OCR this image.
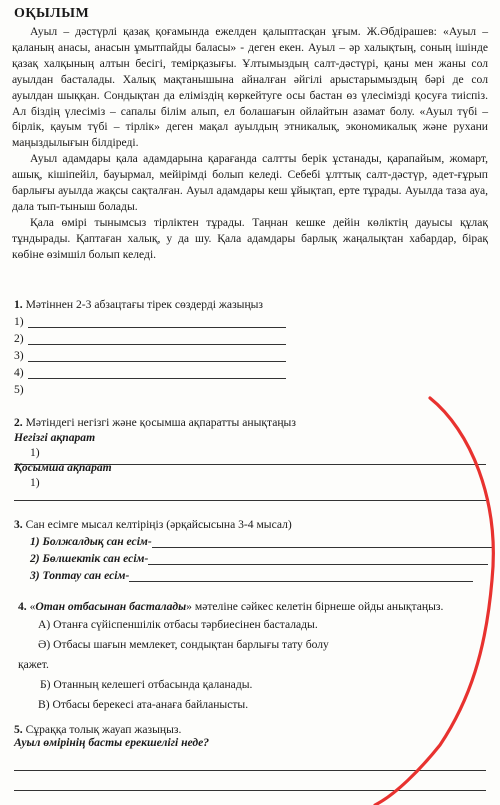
ОҚЫЛЫМ

Ауыл – дәстүрлі қазақ қоғамында ежелден қалыптасқан ұғым. Ж.Әбдірашев: «Ауыл – қаланың анасы, анасын ұмытпайды баласы» - деген екен. Ауыл – әр халықтың, соның ішінде қазақ халқының алтын бесігі, темірқазығы. Ұлтымыздың салт-дәстүрі, қаны мен жаны сол ауылдан басталады. Халық мақтанышына айналған әйгілі арыстарымыздың бәрі де сол ауылдан шыққан. Сондықтан да еліміздің көркейтуге осы бастан өз үлесімізді қосуға тиіспіз. Ал біздің үлесіміз – сапалы білім алып, ел болашағын ойлайтын азамат болу. «Ауыл түбі – бірлік, қауым түбі – тірлік» деген мақал ауылдың этникалық, экономикалық және рухани маңыздылығын білдіреді.

Ауыл адамдары қала адамдарына қарағанда салтты берік ұстанады, қарапайым, жомарт, ашық, кішіпейіл, бауырмал, мейірімді болып келеді. Себебі ұлттық салт-дәстүр, әдет-ғұрып барлығы ауылда жақсы сақталған. Ауыл адамдары кеш ұйықтап, ерте тұрады. Ауылда таза ауа, дала тып-тыныш болады.

Қала өмірі тынымсыз тірліктен тұрады. Таңнан кешке дейін көліктің дауысы құлақ тұндырады. Қаптаған халық, у да шу. Қала адамдары барлық жаңалықтан хабардар, бірақ көбіне өзімшіл болып келеді.

1. Мәтіннен 2-3 абзацтағы тірек сөздерді жазыңыз
1)
2)
3)
4)
5)
2. Мәтіндегі негізгі және қосымша ақпаратты анықтаңыз
Негізгі ақпарат
1)
Қосымша ақпарат
1)
3. Сан есімге мысал келтіріңіз (әрқайсысына 3-4 мысал)
1) Болжалдық сан есім-
2) Бөлшектік сан есім-
3) Топтау сан есім-
4. «Отан отбасынан басталады» мәтеліне сәйкес келетін бірнеше ойды анықтаңыз.
А) Отанға сүйіспеншілік отбасы тәрбиесінен басталады.
Ә) Отбасы шағын мемлекет, сондықтан барлығы тату болу
қажет.
Б) Отанның келешегі отбасында қаланады.
В) Отбасы берекесі ата-анаға байланысты.
5. Сұраққа толық жауап жазыңыз.
Ауыл өмірінің басты ерекшелігі неде?
